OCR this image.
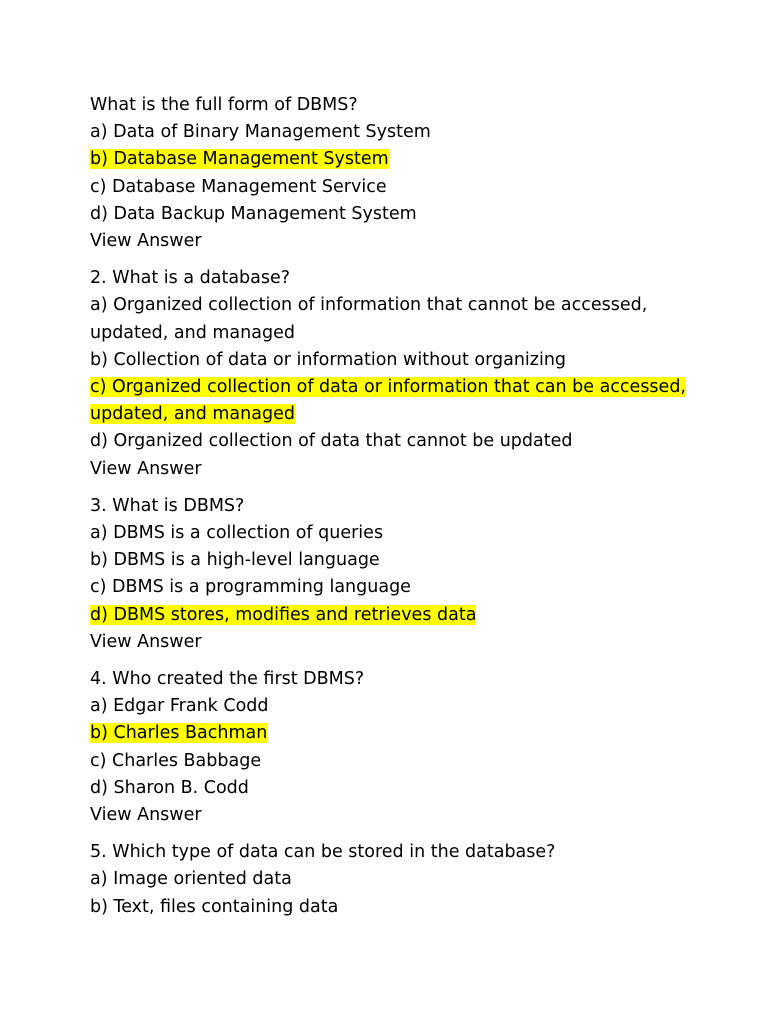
What is the full form of DBMS?
a) Data of Binary Management System
b) Database Management System
c) Database Management Service
d) Data Backup Management System
View Answer
2. What is a database?
a) Organized collection of information that cannot be accessed, updated, and managed
b) Collection of data or information without organizing
c) Organized collection of data or information that can be accessed, updated, and managed
d) Organized collection of data that cannot be updated
View Answer
3. What is DBMS?
a) DBMS is a collection of queries
b) DBMS is a high-level language
c) DBMS is a programming language
d) DBMS stores, modifies and retrieves data
View Answer
4. Who created the first DBMS?
a) Edgar Frank Codd
b) Charles Bachman
c) Charles Babbage
d) Sharon B. Codd
View Answer
5. Which type of data can be stored in the database?
a) Image oriented data
b) Text, files containing data
